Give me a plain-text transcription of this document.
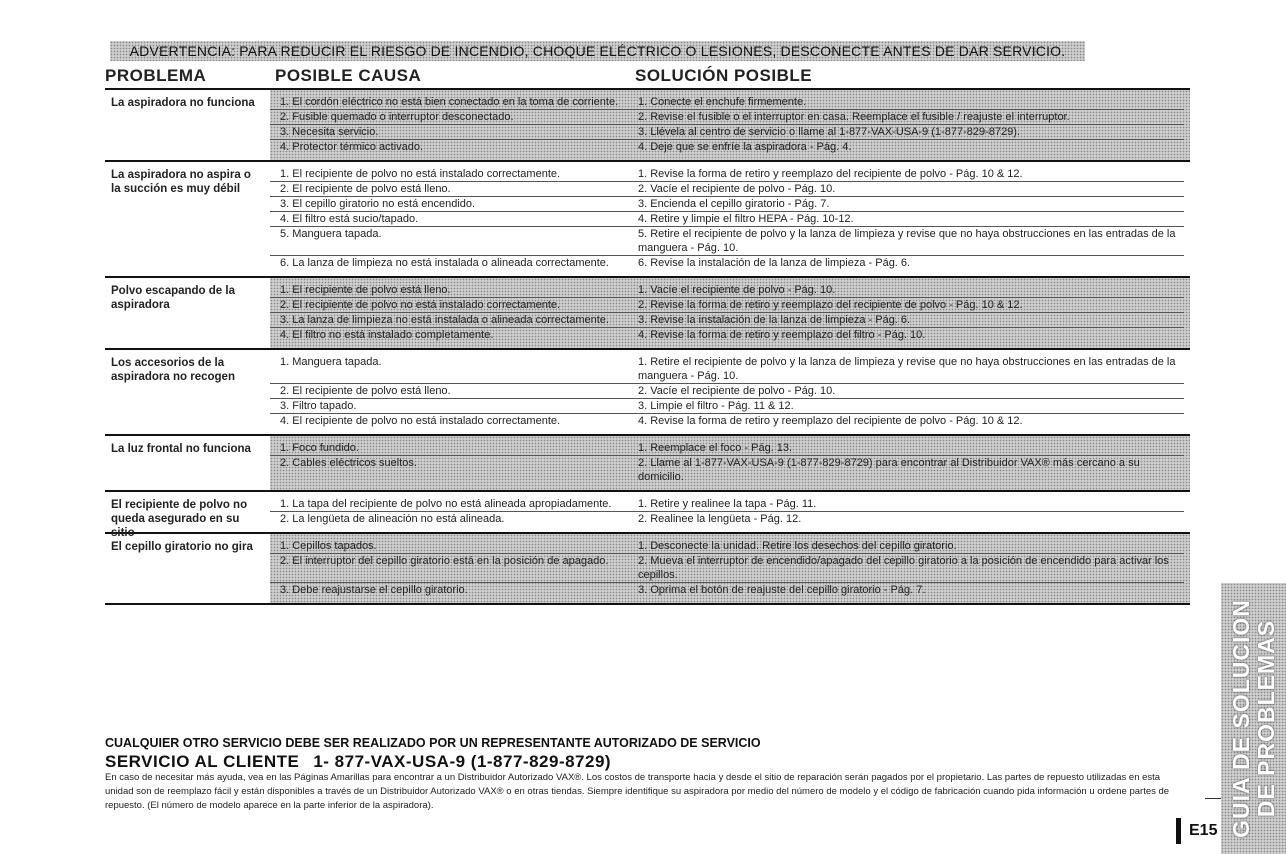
ADVERTENCIA: PARA REDUCIR EL RIESGO DE INCENDIO, CHOQUE ELÉCTRICO O LESIONES, DESCONECTE ANTES DE DAR SERVICIO.
PROBLEMA	POSIBLE CAUSA	SOLUCIÓN POSIBLE
La aspiradora no funciona	1. El cordón eléctrico no está bien conectado en la toma de corriente.	1. Conecte el enchufe firmemente.
2. Fusible quemado o interruptor desconectado.	2. Revise el fusible o el interruptor en casa. Reemplace el fusible / reajuste el interruptor.
3. Necesita servicio.	3. Llévela al centro de servicio o llame al 1-877-VAX-USA-9 (1-877-829-8729).
4. Protector térmico activado.	4. Deje que se enfríe la aspiradora - Pág. 4.
La aspiradora no aspira o la succión es muy débil
1. El recipiente de polvo no está instalado correctamente.	1. Revise la forma de retiro y reemplazo del recipiente de polvo - Pág. 10 & 12.
2. El recipiente de polvo está lleno.	2. Vacíe el recipiente de polvo - Pág. 10.
3. El cepillo giratorio no está encendido.	3. Encienda el cepillo giratorio - Pág. 7.
4. El filtro está sucio/tapado.	4. Retire y limpie el filtro HEPA - Pág. 10-12.
5. Manguera tapada.	5. Retire el recipiente de polvo y la lanza de limpieza y revise que no haya obstrucciones en las entradas de la manguera - Pág. 10.
6. La lanza de limpieza no está instalada o alineada correctamente.	6. Revise la instalación de la lanza de limpieza - Pág. 6.
Polvo escapando de la aspiradora
1. El recipiente de polvo está lleno.	1. Vacíe el recipiente de polvo - Pág. 10.
2. El recipiente de polvo no está instalado correctamente.	2. Revise la forma de retiro y reemplazo del recipiente de polvo - Pág. 10 & 12.
3. La lanza de limpieza no está instalada o alineada correctamente.	3. Revise la instalación de la lanza de limpieza - Pág. 6.
4. El filtro no está instalado completamente.	4. Revise la forma de retiro y reemplazo del filtro - Pág. 10.
Los accesorios de la aspiradora no recogen
1. Manguera tapada.	1. Retire el recipiente de polvo y la lanza de limpieza y revise que no haya obstrucciones en las entradas de la manguera - Pág. 10.
2. El recipiente de polvo está lleno.	2. Vacíe el recipiente de polvo - Pág. 10.
3. Filtro tapado.	3. Limpie el filtro - Pág. 11 & 12.
4. El recipiente de polvo no está instalado correctamente.	4. Revise la forma de retiro y reemplazo del recipiente de polvo - Pág. 10 & 12.
La luz frontal no funciona	1. Foco fundido.	1. Reemplace el foco - Pág. 13.
2. Cables eléctricos sueltos.	2. Llame al 1-877-VAX-USA-9 (1-877-829-8729) para encontrar al Distribuidor VAX® más cercano a su domicilio.
El recipiente de polvo no queda asegurado en su sitio
1. La tapa del recipiente de polvo no está alineada apropiadamente.	1. Retire y realinee la tapa - Pág. 11.
2. La lengüeta de alineación no está alineada.	2. Realinee la lengüeta - Pág. 12.
El cepillo giratorio no gira	1. Cepillos tapados.	1. Desconecte la unidad. Retire los desechos del cepillo giratorio.
2. El interruptor del cepillo giratorio está en la posición de apagado.	2. Mueva el interruptor de encendido/apagado del cepillo giratorio a la posición de encendido para activar los cepillos.
3. Debe reajustarse el cepillo giratorio.	3. Oprima el botón de reajuste del cepillo giratorio - Pág. 7.
CUALQUIER OTRO SERVICIO DEBE SER REALIZADO POR UN REPRESENTANTE AUTORIZADO DE SERVICIO
SERVICIO AL CLIENTE 1- 877-VAX-USA-9 (1-877-829-8729)
En caso de necesitar más ayuda, vea en las Páginas Amarillas para encontrar a un Distribuidor Autorizado VAX®. Los costos de transporte hacia y desde el sitio de reparación serán pagados por el propietario. Las partes de repuesto utilizadas en esta unidad son de reemplazo fácil y están disponibles a través de un Distribuidor Autorizado VAX® o en otras tiendas. Siempre identifique su aspiradora por medio del número de modelo y el código de fabricación cuando pida información u ordene partes de repuesto. (El número de modelo aparece en la parte inferior de la aspiradora).
E15 GUIA DE SOLUCION DE PROBLEMAS
